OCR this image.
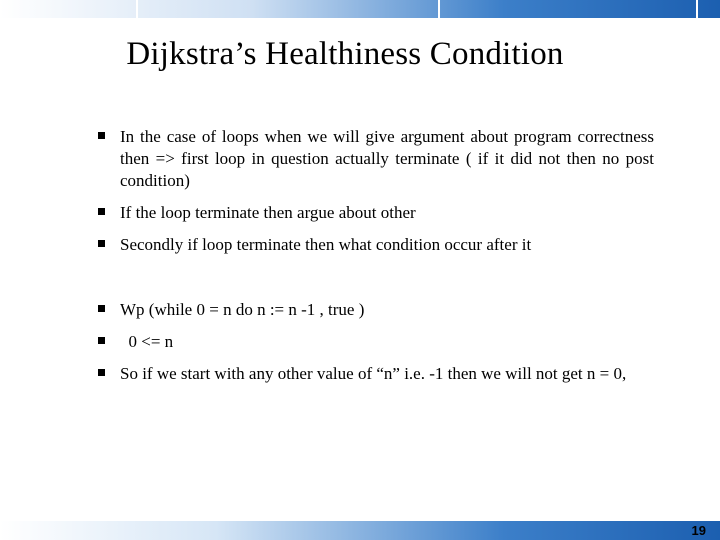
Dijkstra’s Healthiness Condition
In the case of loops when we will give argument about program correctness then => first loop in question actually terminate ( if it did not then no post condition)
If the loop terminate then argue about other
Secondly if loop terminate then what condition occur after it
Wp (while 0 = n do n := n -1 , true )
0 <= n
So if we start with any other value of “n” i.e. -1 then we will not get n = 0,
19
